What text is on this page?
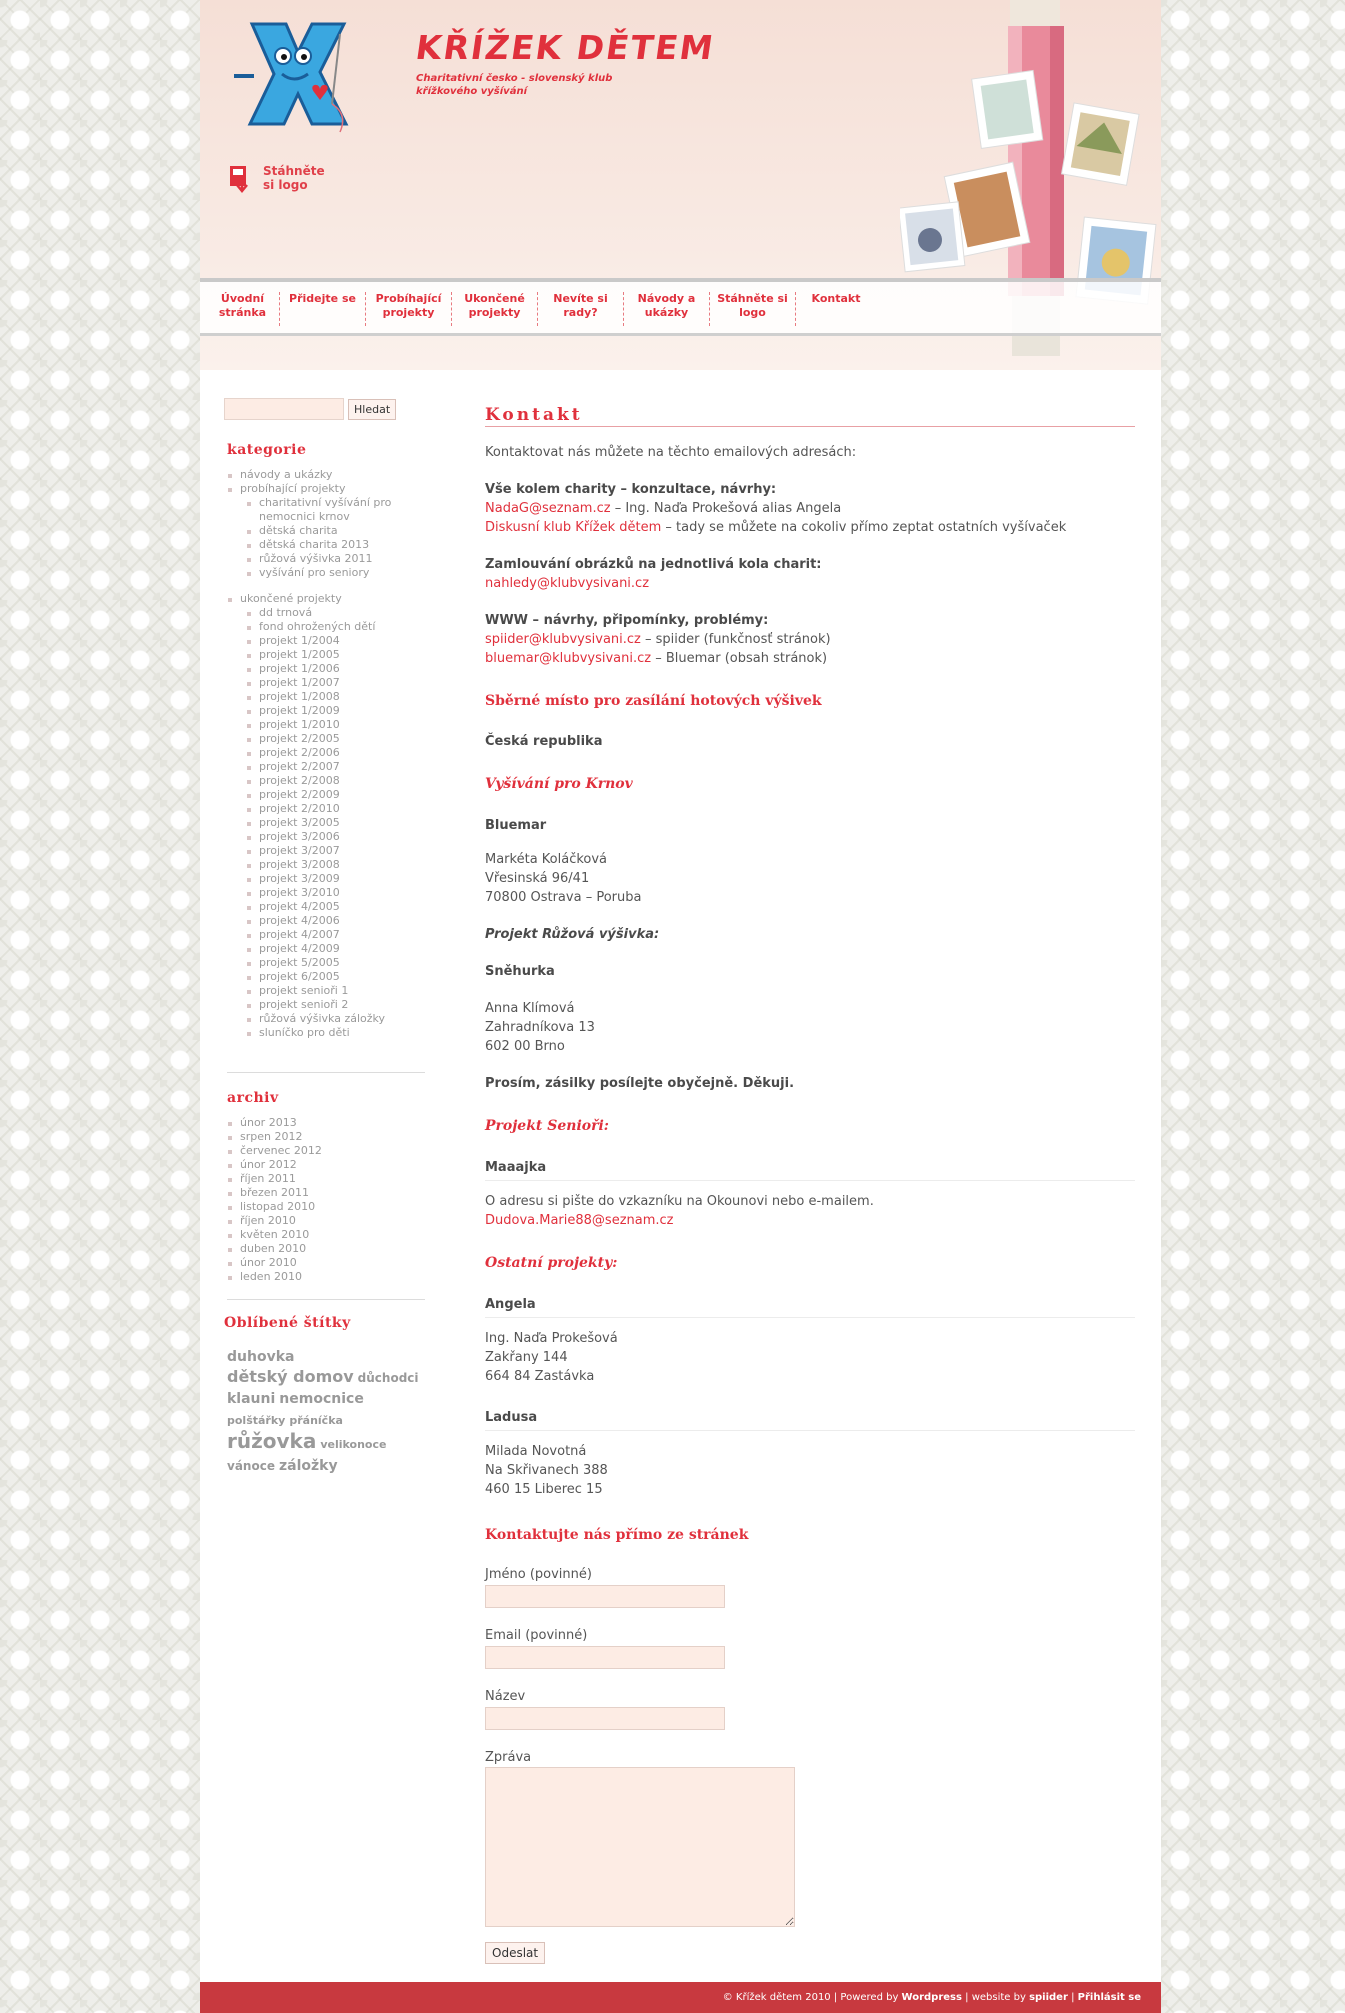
KŘÍŽEK DĚTEM
Charitativní česko - slovenský klub křížkového vyšívání
Stáhněte si logo
Úvodní stránka
Přidejte se	Probíhající projekty
Ukončené projekty
Nevíte si rady?
Návody a ukázky
Stáhněte si logo
Kontakt
Hledat
kategorie
návody a ukázky
probíhající projekty
charitativní vyšívání pro nemocnici krnov
dětská charita
dětská charita 2013
růžová výšivka 2011
vyšívání pro seniory
ukončené projekty
dd trnová
fond ohrožených dětí
projekt 1/2004
projekt 1/2005
projekt 1/2006
projekt 1/2007
projekt 1/2008
projekt 1/2009
projekt 1/2010
projekt 2/2005
projekt 2/2006
projekt 2/2007
projekt 2/2008
projekt 2/2009
projekt 2/2010
projekt 3/2005
projekt 3/2006
projekt 3/2007
projekt 3/2008
projekt 3/2009
projekt 3/2010
projekt 4/2005
projekt 4/2006
projekt 4/2007
projekt 4/2009
projekt 5/2005
projekt 6/2005
projekt senioři 1
projekt senioři 2
růžová výšivka záložky
sluníčko pro děti
archiv
únor 2013
srpen 2012
červenec 2012
únor 2012
říjen 2011
březen 2011
listopad 2010
říjen 2010
květen 2010
duben 2010
únor 2010
leden 2010
Oblíbené štítky
duhovkadětský domov důchodciklauni nemocnicepolštářky přáníčkarůžovka velikonocevánoce záložky
Kontakt
Kontaktovat nás můžete na těchto emailových adresách:
Vše kolem charity – konzultace, návrhy:
NadaG@seznam.cz – Ing. Naďa Prokešová alias Angela
Diskusní klub Křížek dětem – tady se můžete na cokoliv přímo zeptat ostatních vyšívaček
Zamlouvání obrázků na jednotlivá kola charit:
nahledy@klubvysivani.cz
WWW – návrhy, připomínky, problémy:
spiider@klubvysivani.cz – spiider (funkčnosť stránok)
bluemar@klubvysivani.cz – Bluemar (obsah stránok)
Sběrné místo pro zasílání hotových výšivek
Česká republika
Vyšívání pro Krnov
Bluemar
Markéta Koláčková
Vřesinská 96/41
70800 Ostrava – Poruba
Projekt Růžová výšivka:
Sněhurka
Anna Klímová
Zahradníkova 13
602 00 Brno
Prosím, zásilky posílejte obyčejně. Děkuji.
Projekt Senioři:
Maaajka
O adresu si pište do vzkazníku na Okounovi nebo e-mailem.
Dudova.Marie88@seznam.cz
Ostatní projekty:
Angela
Ing. Naďa Prokešová
Zakřany 144
664 84 Zastávka
Ladusa
Milada Novotná
Na Skřivanech 388
460 15 Liberec 15
Kontaktujte nás přímo ze stránek
Jméno (povinné)
Email (povinné)
Název
Zpráva
Odeslat
© Křížek dětem 2010 | Powered by Wordpress | website by spiider | Přihlásit se
